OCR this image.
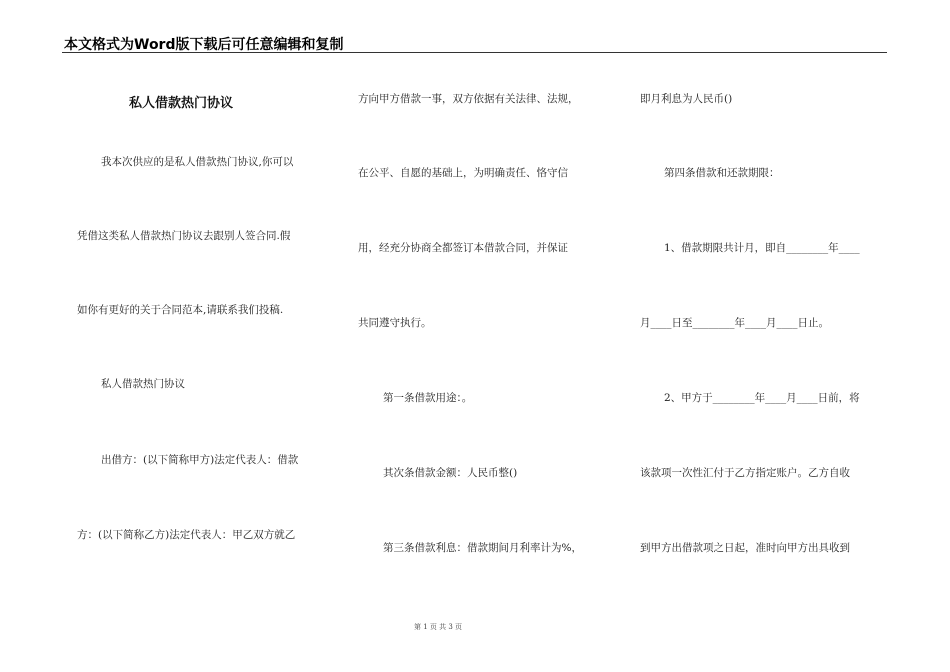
本文格式为Word版下载后可任意编辑和复制
私人借款热门协议
我本次供应的是私人借款热门协议,你可以
凭借这类私人借款热门协议去跟别人签合同.假
如你有更好的关于合同范本,请联系我们投稿.
私人借款热门协议
出借方：(以下简称甲方)法定代表人：借款
方：(以下简称乙方)法定代表人：甲乙双方就乙
方向甲方借款一事，双方依据有关法律、法规，
在公平、自愿的基础上，为明确责任、恪守信
用，经充分协商全都签订本借款合同，并保证
共同遵守执行。
第一条借款用途：。
其次条借款金额：人民币整()
第三条借款利息：借款期间月利率计为%，
即月利息为人民币()
第四条借款和还款期限：
1、借款期限共计月，即自________年____
月____日至________年____月____日止。
2、甲方于________年____月____日前，将
该款项一次性汇付于乙方指定账户。乙方自收
到甲方出借款项之日起，准时向甲方出具收到
第 1 页 共 3 页
